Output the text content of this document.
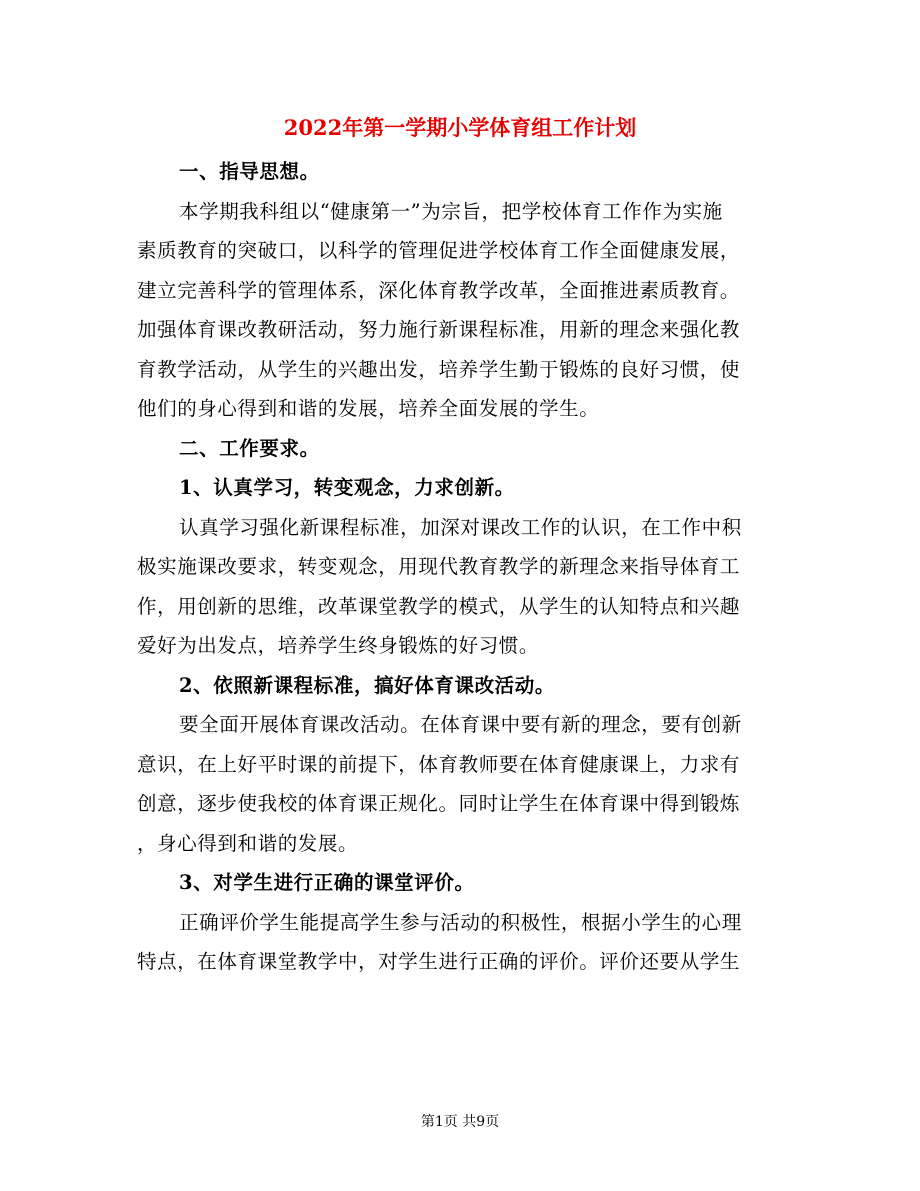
2022年第一学期小学体育组工作计划
一、指导思想。
本学期我科组以“健康第一”为宗旨，把学校体育工作作为实施
素质教育的突破口，以科学的管理促进学校体育工作全面健康发展，
建立完善科学的管理体系，深化体育教学改革，全面推进素质教育。
加强体育课改教研活动，努力施行新课程标准，用新的理念来强化教
育教学活动，从学生的兴趣出发，培养学生勤于锻炼的良好习惯，使
他们的身心得到和谐的发展，培养全面发展的学生。
二、工作要求。
1、认真学习，转变观念，力求创新。
认真学习强化新课程标准，加深对课改工作的认识，在工作中积
极实施课改要求，转变观念，用现代教育教学的新理念来指导体育工
作，用创新的思维，改革课堂教学的模式，从学生的认知特点和兴趣
爱好为出发点，培养学生终身锻炼的好习惯。
2、依照新课程标准，搞好体育课改活动。
要全面开展体育课改活动。在体育课中要有新的理念，要有创新
意识，在上好平时课的前提下，体育教师要在体育健康课上，力求有
创意，逐步使我校的体育课正规化。同时让学生在体育课中得到锻炼
，身心得到和谐的发展。
3、对学生进行正确的课堂评价。
正确评价学生能提高学生参与活动的积极性，根据小学生的心理
特点，在体育课堂教学中，对学生进行正确的评价。评价还要从学生
第1页 共9页
